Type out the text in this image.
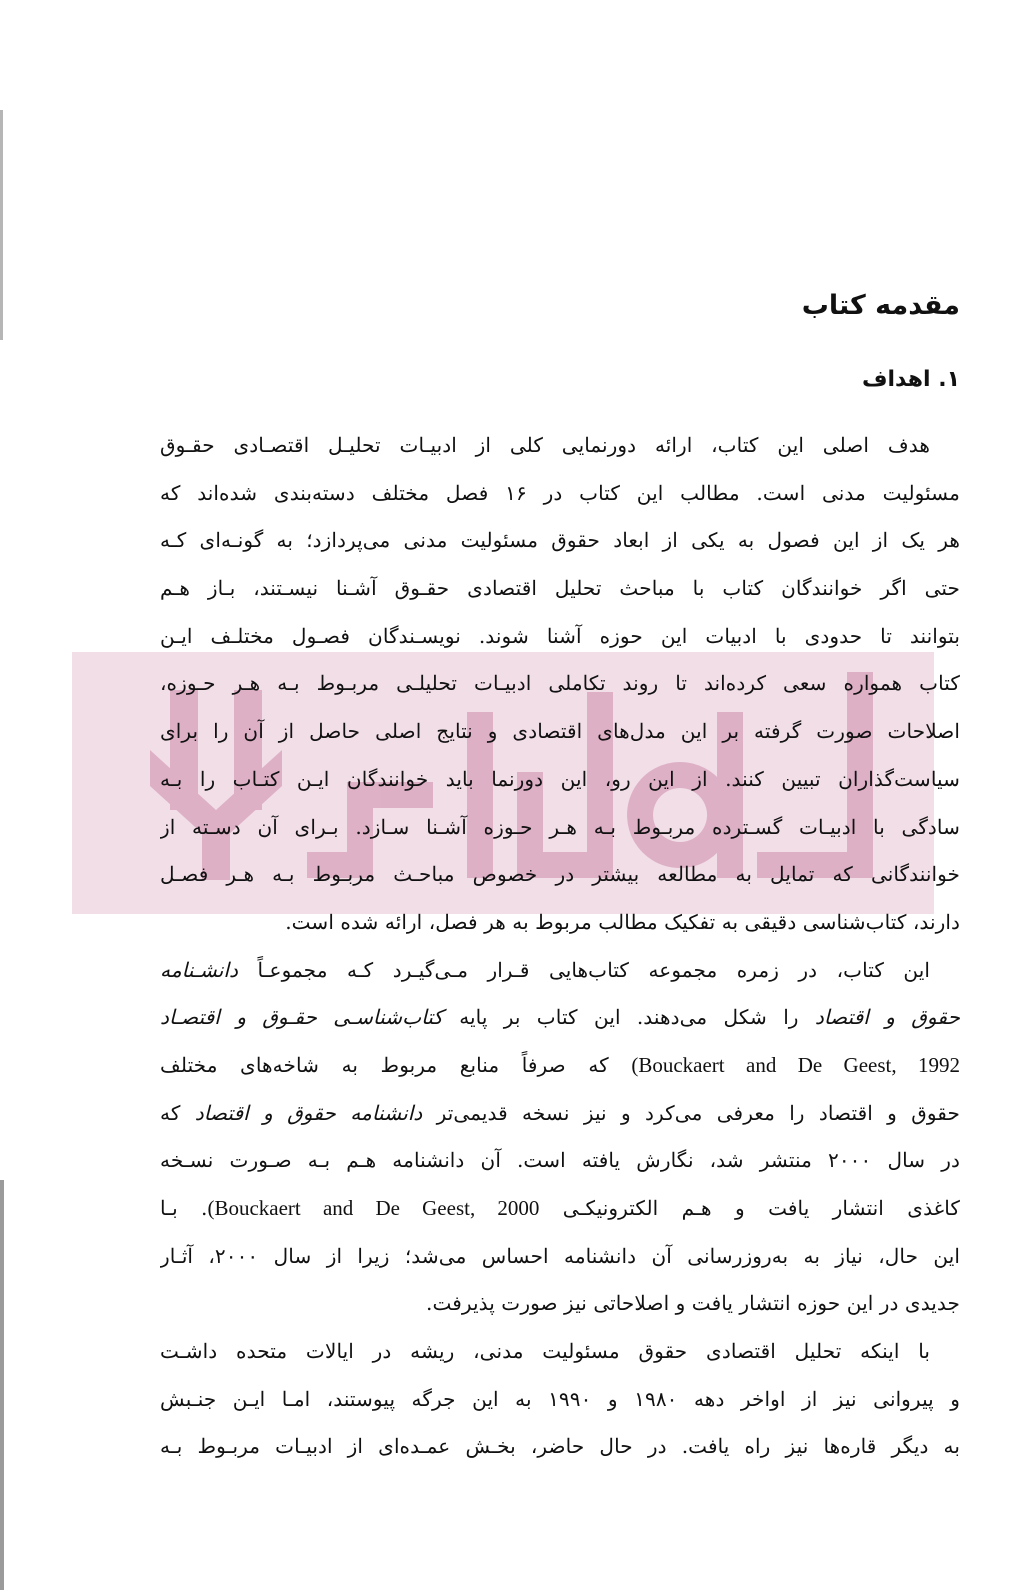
مقدمه کتاب
۱. اهداف
هدف اصلی این کتاب، ارائه دورنمایی کلی از ادبیـات تحلیـل اقتصـادی حقـوق
مسئولیت مدنی است. مطالب این کتاب در ۱۶ فصل مختلف دسته‌بندی شده‌اند که
هر یک از این فصول به یکی از ابعاد حقوق مسئولیت مدنی می‌پردازد؛ به گونـه‌ای کـه
حتی اگر خوانندگان کتاب با مباحث تحلیل اقتصادی حقـوق آشـنا نیسـتند، بـاز هـم
بتوانند تا حدودی با ادبیات این حوزه آشنا شوند. نویسـندگان فصـول مختلـف ایـن
کتاب همواره سعی کرده‌اند تا روند تکاملی ادبیـات تحلیلـی مربـوط بـه هـر حـوزه،
اصلاحات صورت گرفته بر این مدل‌های اقتصادی و نتایج اصلی حاصل از آن را برای
سیاست‌گذاران تبیین کنند. از این رو، این دورنما باید خوانندگان ایـن کتـاب را بـه
سادگی با ادبیـات گسـترده مربـوط بـه هـر حـوزه آشـنا سـازد. بـرای آن دسـته از
خوانندگانی که تمایل به مطالعه بیشتر در خصوص مباحـث مربـوط بـه هـر فصـل
دارند، کتاب‌شناسی دقیقی به تفکیک مطالب مربوط به هر فصل، ارائه شده است.
این کتاب، در زمره مجموعه کتاب‌هایی قـرار مـی‌گیـرد کـه مجموعـاً دانشـنامه
حقوق و اقتصاد را شکل می‌دهند. این کتاب بر پایه کتاب‌شناسـی حقـوق و اقتصـاد
(Bouckaert and De Geest, 1992 که صرفاً منابع مربوط به شاخه‌های مختلف
حقوق و اقتصاد را معرفی می‌کرد و نیز نسخه قدیمی‌تر دانشنامه حقوق و اقتصاد که
در سال ۲۰۰۰ منتشر شد، نگارش یافته است. آن دانشنامه هـم بـه صـورت نسـخه
کاغذی انتشار یافت و هـم الکترونیکـی (Bouckaert and De Geest, 2000. بـا
این حال، نیاز به به‌روزرسانی آن دانشنامه احساس می‌شد؛ زیرا از سال ۲۰۰۰، آثـار
جدیدی در این حوزه انتشار یافت و اصلاحاتی نیز صورت پذیرفت.
با اینکه تحلیل اقتصادی حقوق مسئولیت مدنی، ریشه در ایالات متحده داشـت
و پیروانی نیز از اواخر دهه ۱۹۸۰ و ۱۹۹۰ به این جرگه پیوستند، امـا ایـن جنـبش
به دیگر قاره‌ها نیز راه یافت. در حال حاضر، بخـش عمـده‌ای از ادبیـات مربـوط بـه
